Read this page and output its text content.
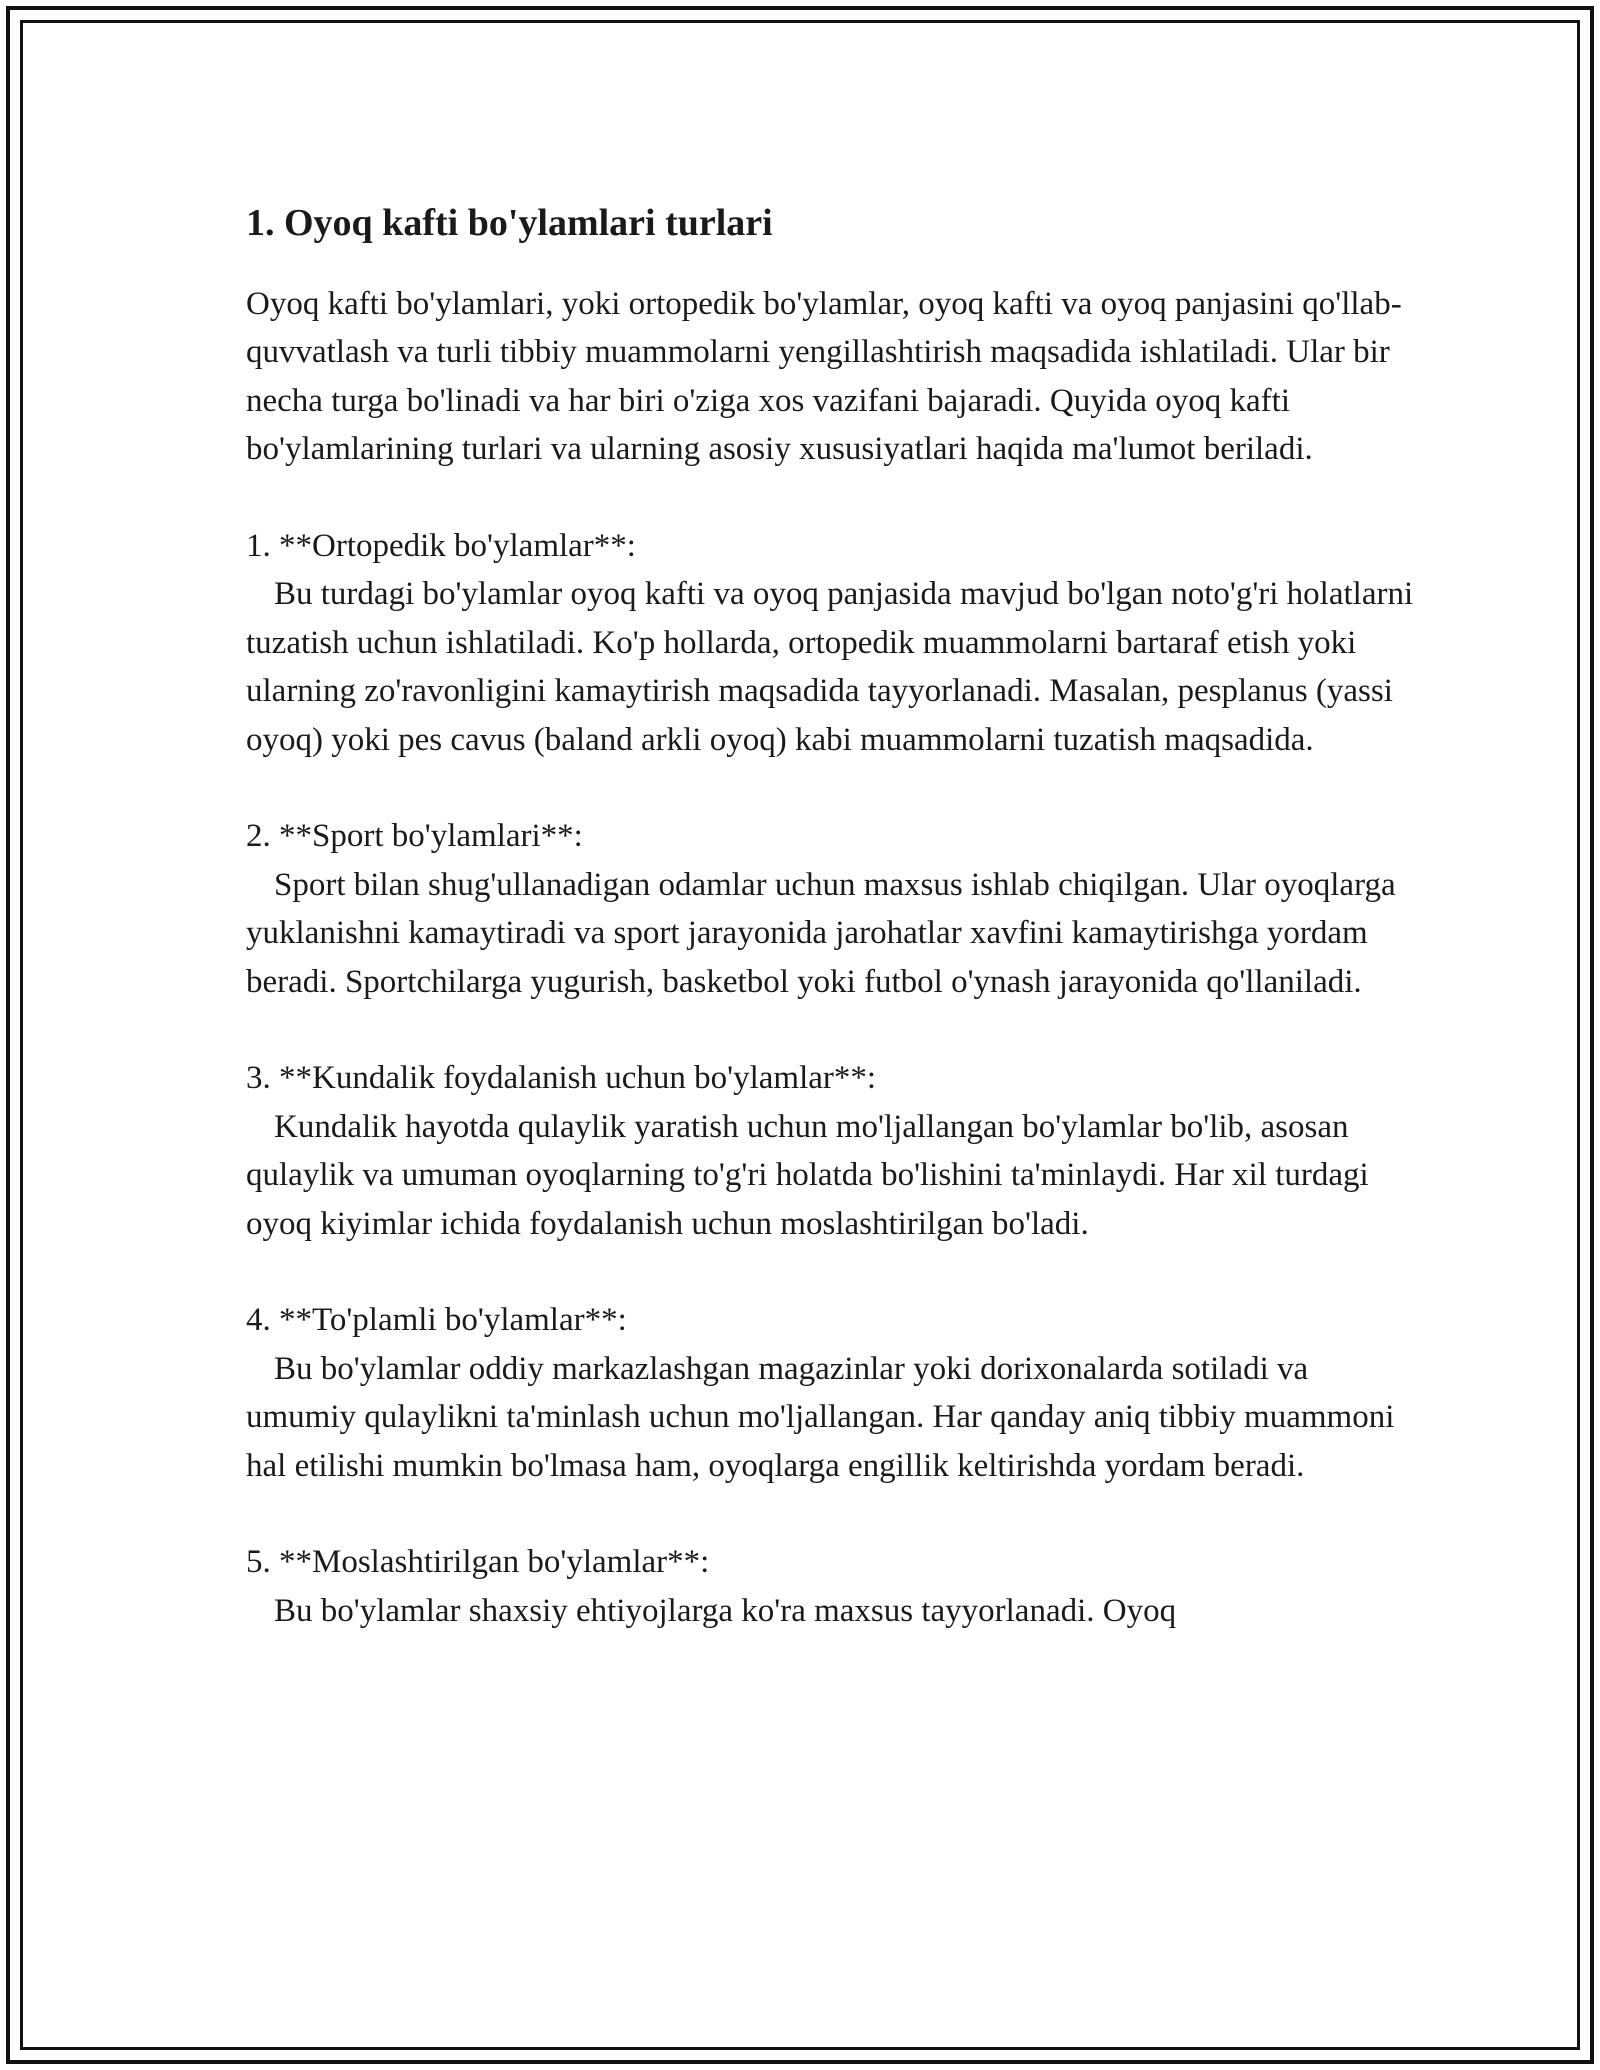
1. Oyoq kafti bo'ylamlari turlari

Oyoq kafti bo'ylamlari, yoki ortopedik bo'ylamlar, oyoq kafti va oyoq panjasini qo'llab-quvvatlash va turli tibbiy muammolarni yengillashtirish maqsadida ishlatiladi. Ular bir necha turga bo'linadi va har biri o'ziga xos vazifani bajaradi. Quyida oyoq kafti bo'ylamlarining turlari va ularning asosiy xususiyatlari haqida ma'lumot beriladi.

1. **Ortopedik bo'ylamlar**:
Bu turdagi bo'ylamlar oyoq kafti va oyoq panjasida mavjud bo'lgan noto'g'ri holatlarni tuzatish uchun ishlatiladi. Ko'p hollarda, ortopedik muammolarni bartaraf etish yoki ularning zo'ravonligini kamaytirish maqsadida tayyorlanadi. Masalan, pesplanus (yassi oyoq) yoki pes cavus (baland arkli oyoq) kabi muammolarni tuzatish maqsadida.

2. **Sport bo'ylamlari**:
Sport bilan shug'ullanadigan odamlar uchun maxsus ishlab chiqilgan. Ular oyoqlarga yuklanishni kamaytiradi va sport jarayonida jarohatlar xavfini kamaytirishga yordam beradi. Sportchilarga yugurish, basketbol yoki futbol o'ynash jarayonida qo'llaniladi.

3. **Kundalik foydalanish uchun bo'ylamlar**:
Kundalik hayotda qulaylik yaratish uchun mo'ljallangan bo'ylamlar bo'lib, asosan qulaylik va umuman oyoqlarning to'g'ri holatda bo'lishini ta'minlaydi. Har xil turdagi oyoq kiyimlar ichida foydalanish uchun moslashtirilgan bo'ladi.

4. **To'plamli bo'ylamlar**:
Bu bo'ylamlar oddiy markazlashgan magazinlar yoki dorixonalarda sotiladi va umumiy qulaylikni ta'minlash uchun mo'ljallangan. Har qanday aniq tibbiy muammoni hal etilishi mumkin bo'lmasa ham, oyoqlarga engillik keltirishda yordam beradi.

5. **Moslashtirilgan bo'ylamlar**:
Bu bo'ylamlar shaxsiy ehtiyojlarga ko'ra maxsus tayyorlanadi. Oyoq
